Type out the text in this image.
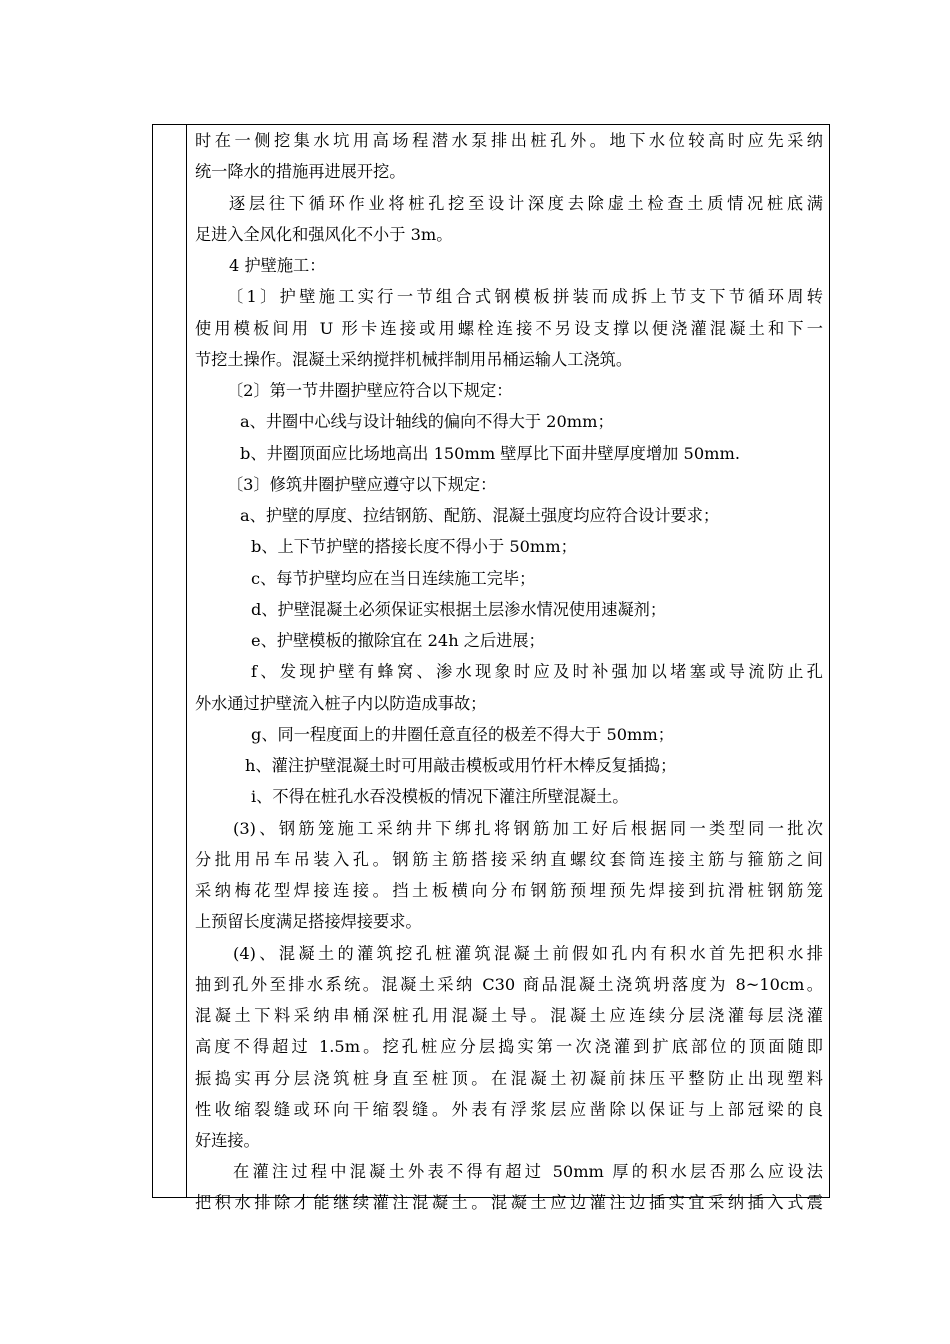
时在一侧挖集水坑用高场程潜水泵排出桩孔外。地下水位较高时应先采纳
统一降水的措施再进展开挖。
逐层往下循环作业将桩孔挖至设计深度去除虚土检查土质情况桩底满
足进入全风化和强风化不小于 3m。
4 护壁施工：
〔1〕护壁施工实行一节组合式钢模板拼装而成拆上节支下节循环周转
使用模板间用 U 形卡连接或用螺栓连接不另设支撑以便浇灌混凝土和下一
节挖土操作。混凝土采纳搅拌机械拌制用吊桶运输人工浇筑。
〔2〕第一节井圈护壁应符合以下规定：
a、井圈中心线与设计轴线的偏向不得大于 20mm；
b、井圈顶面应比场地高出 150mm 壁厚比下面井壁厚度增加 50mm.
〔3〕修筑井圈护壁应遵守以下规定：
a、护壁的厚度、拉结钢筋、配筋、混凝土强度均应符合设计要求；
b、上下节护壁的搭接长度不得小于 50mm；
c、每节护壁均应在当日连续施工完毕；
d、护壁混凝土必须保证实根据土层渗水情况使用速凝剂；
e、护壁模板的撤除宜在 24h 之后进展；
f、发现护壁有蜂窝、渗水现象时应及时补强加以堵塞或导流防止孔
外水通过护壁流入桩子内以防造成事故；
g、同一程度面上的井圈任意直径的极差不得大于 50mm；
h、灌注护壁混凝土时可用敲击模板或用竹杆木棒反复插捣；
i、不得在桩孔水吞没模板的情况下灌注所壁混凝土。
(3)、钢筋笼施工采纳井下绑扎将钢筋加工好后根据同一类型同一批次
分批用吊车吊装入孔。钢筋主筋搭接采纳直螺纹套筒连接主筋与箍筋之间
采纳梅花型焊接连接。挡土板横向分布钢筋预埋预先焊接到抗滑桩钢筋笼
上预留长度满足搭接焊接要求。
(4)、混凝土的灌筑挖孔桩灌筑混凝土前假如孔内有积水首先把积水排
抽到孔外至排水系统。混凝土采纳 C30 商品混凝土浇筑坍落度为 8~10cm。
混凝土下料采纳串桶深桩孔用混凝土导。混凝土应连续分层浇灌每层浇灌
高度不得超过 1.5m。挖孔桩应分层捣实第一次浇灌到扩底部位的顶面随即
振捣实再分层浇筑桩身直至桩顶。在混凝土初凝前抹压平整防止出现塑料
性收缩裂缝或环向干缩裂缝。外表有浮浆层应凿除以保证与上部冠梁的良
好连接。
在灌注过程中混凝土外表不得有超过 50mm 厚的积水层否那么应设法
把积水排除才能继续灌注混凝土。混凝土应边灌注边插实宜采纳插入式震
